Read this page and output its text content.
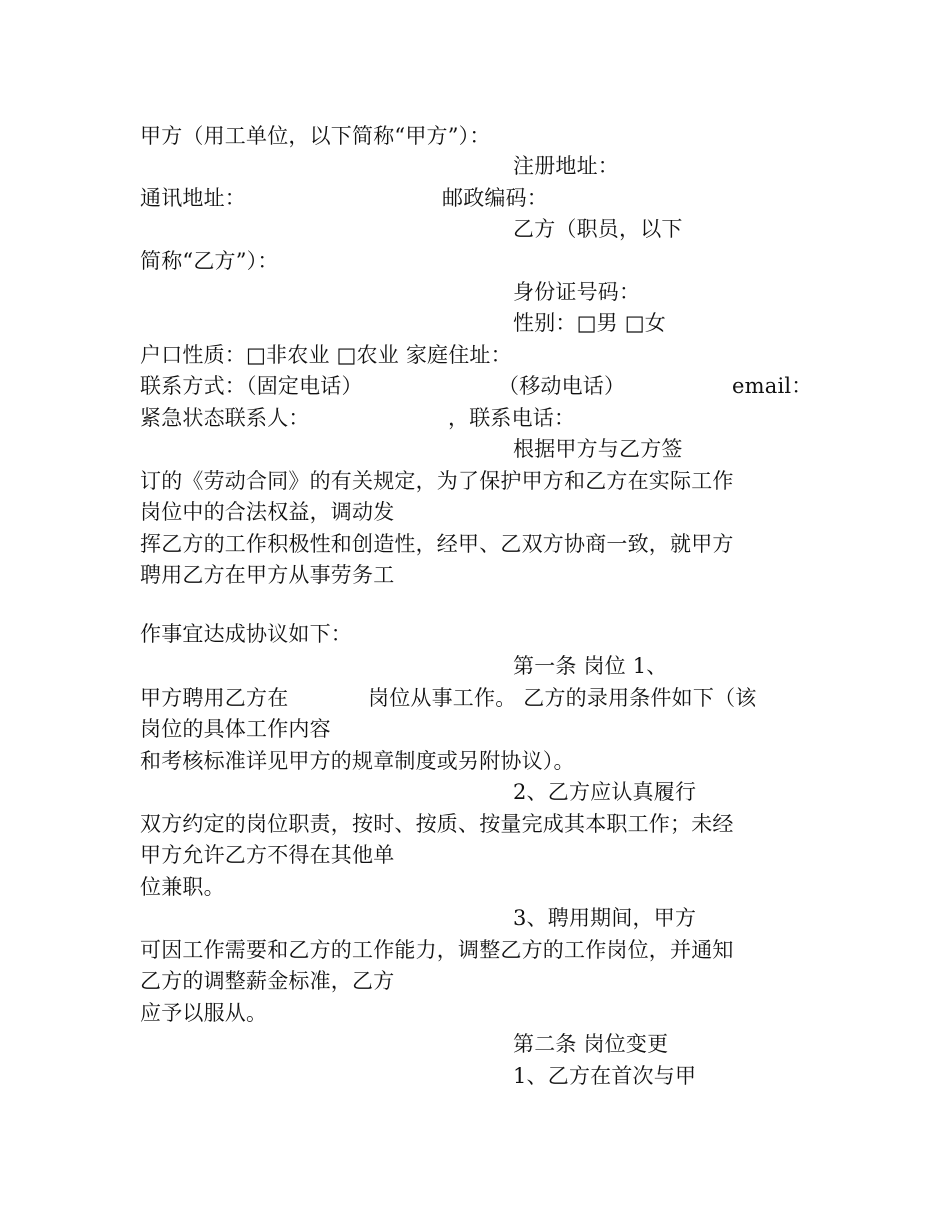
甲方（用工单位，以下简称“甲方”）：
注册地址：
通讯地址：	邮政编码：
乙方（职员，以下
简称“乙方”）：
身份证号码：
性别：□男 □女
户口性质：□非农业 □农业 家庭住址：
联系方式：（固定电话）	（移动电话）	email：
紧急状态联系人：	，联系电话：
根据甲方与乙方签
订的《劳动合同》的有关规定，为了保护甲方和乙方在实际工作
岗位中的合法权益，调动发
挥乙方的工作积极性和创造性，经甲、乙双方协商一致，就甲方
聘用乙方在甲方从事劳务工
作事宜达成协议如下：
第一条 岗位 1、
甲方聘用乙方在	岗位从事工作。 乙方的录用条件如下（该
岗位的具体工作内容
和考核标准详见甲方的规章制度或另附协议）。
2、乙方应认真履行
双方约定的岗位职责，按时、按质、按量完成其本职工作；未经
甲方允许乙方不得在其他单
位兼职。
3、聘用期间，甲方
可因工作需要和乙方的工作能力，调整乙方的工作岗位，并通知
乙方的调整薪金标准，乙方
应予以服从。
第二条 岗位变更
1、乙方在首次与甲
